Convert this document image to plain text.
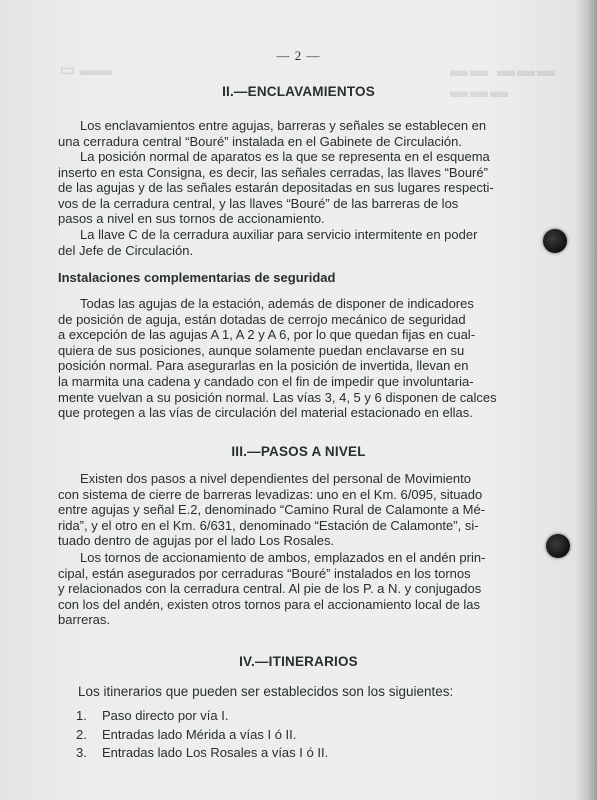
▬▬ ▬▬▬ ▬▬▬
▭ ▬▬
— 2 —
II.—ENCLAVAMIENTOS

Los enclavamientos entre agujas, barreras y señales se establecen en
una cerradura central “Bouré” instalada en el Gabinete de Circulación.

La posición normal de aparatos es la que se representa en el esquema
inserto en esta Consigna, es decir, las señales cerradas, las llaves “Bouré”
de las agujas y de las señales estarán depositadas en sus lugares respecti-
vos de la cerradura central, y las llaves “Bouré” de las barreras de los
pasos a nivel en sus tornos de accionamiento.

La llave C de la cerradura auxiliar para servicio intermitente en poder
del Jefe de Circulación.

Instalaciones complementarias de seguridad

Todas las agujas de la estación, además de disponer de indicadores
de posición de aguja, están dotadas de cerrojo mecánico de seguridad
a excepción de las agujas A 1, A 2 y A 6, por lo que quedan fijas en cual-
quiera de sus posiciones, aunque solamente puedan enclavarse en su
posición normal. Para asegurarlas en la posición de invertida, llevan en
la marmita una cadena y candado con el fin de impedir que involuntaria-
mente vuelvan a su posición normal. Las vías 3, 4, 5 y 6 disponen de calces
que protegen a las vías de circulación del material estacionado en ellas.

III.—PASOS A NIVEL

Existen dos pasos a nivel dependientes del personal de Movimiento
con sistema de cierre de barreras levadizas: uno en el Km. 6/095, situado
entre agujas y señal E.2, denominado “Camino Rural de Calamonte a Mé-
rida”, y el otro en el Km. 6/631, denominado “Estación de Calamonte”, si-
tuado dentro de agujas por el lado Los Rosales.

Los tornos de accionamiento de ambos, emplazados en el andén prin-
cipal, están asegurados por cerraduras “Bouré” instalados en los tornos
y relacionados con la cerradura central. Al pie de los P. a N. y conjugados
con los del andén, existen otros tornos para el accionamiento local de las
barreras.

IV.—ITINERARIOS

Los itinerarios que pueden ser establecidos son los siguientes:

1. Paso directo por vía I.
2. Entradas lado Mérida a vías I ó II.
3. Entradas lado Los Rosales a vías I ó II.
